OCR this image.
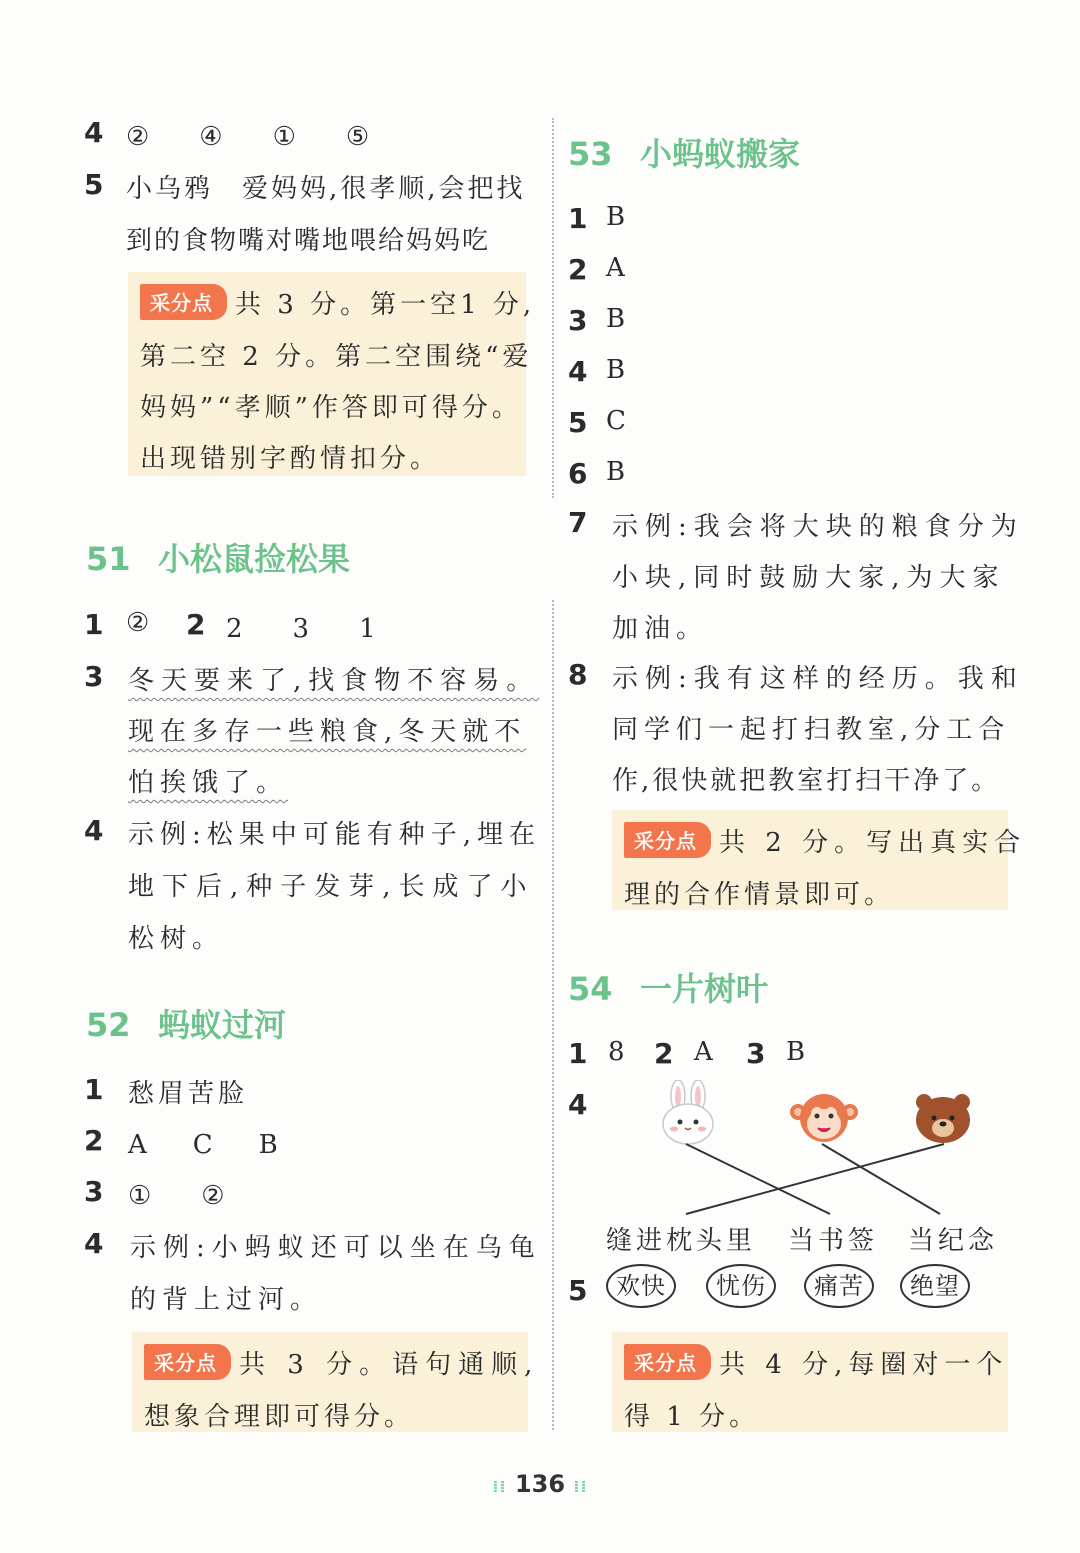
4 ②　④　①　⑤
5 小乌鸦　爱妈妈,很孝顺,会把找
到的食物嘴对嘴地喂给妈妈吃
采分点 共 3 分。第一空1 分,
第二空 2 分。第二空围绕“爱
妈妈”“孝顺”作答即可得分。
出现错别字酌情扣分。
51 小松鼠捡松果
1 ② 2 2　3　1
3 冬天要来了,找食物不容易。
现在多存一些粮食,冬天就不
怕挨饿了。
4 示例:松果中可能有种子,埋在
地下后,种子发芽,长成了小
松树。
52 蚂蚁过河
1 愁眉苦脸
2 A　C　B
3 ①　②
4 示例:小蚂蚁还可以坐在乌龟
的背上过河。
采分点 共 3 分。语句通顺,
想象合理即可得分。
53 小蚂蚁搬家
1 B
2 A
3 B
4 B
5 C
6 B
7 示例:我会将大块的粮食分为
小块,同时鼓励大家,为大家
加油。
8 示例:我有这样的经历。我和
同学们一起打扫教室,分工合
作,很快就把教室打扫干净了。
采分点 共 2 分。写出真实合
理的合作情景即可。
54 一片树叶
1 8 2 A 3 B
4
缝进枕头里 当书签 当纪念
5	欢快	忧伤	痛苦	绝望
采分点 共 4 分,每圈对一个
得 1 分。
⁞⁞ 136 ⁞⁞
